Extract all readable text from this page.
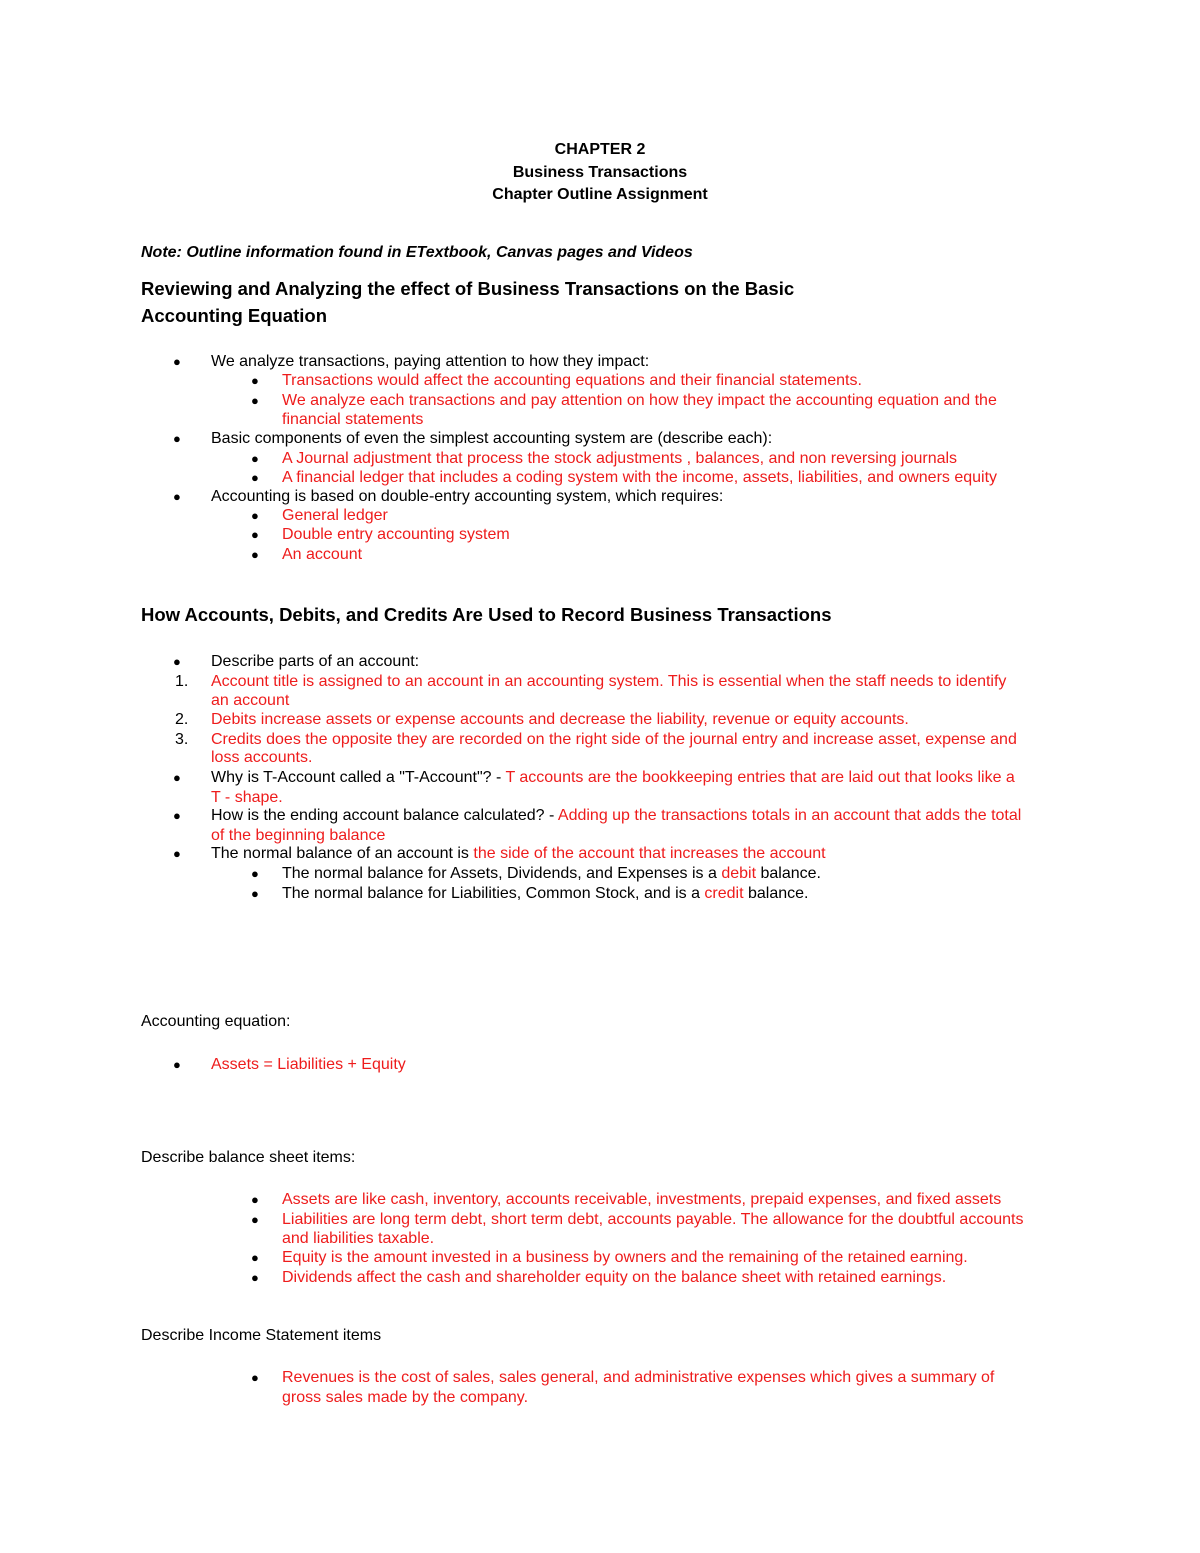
CHAPTER 2
Business Transactions
Chapter Outline Assignment
Note: Outline information found in ETextbook, Canvas pages and Videos
Reviewing and Analyzing the effect of Business Transactions on the Basic
Accounting Equation
● We analyze transactions, paying attention to how they impact:
● Transactions would affect the accounting equations and their financial statements.
● We analyze each transactions and pay attention on how they impact the accounting equation and the
financial statements
● Basic components of even the simplest accounting system are (describe each):
● A Journal adjustment that process the stock adjustments , balances, and non reversing journals
● A financial ledger that includes a coding system with the income, assets, liabilities, and owners equity
● Accounting is based on double-entry accounting system, which requires:
● General ledger
● Double entry accounting system
● An account
How Accounts, Debits, and Credits Are Used to Record Business Transactions
● Describe parts of an account:
1. Account title is assigned to an account in an accounting system. This is essential when the staff needs to identify
an account
2. Debits increase assets or expense accounts and decrease the liability, revenue or equity accounts.
3. Credits does the opposite they are recorded on the right side of the journal entry and increase asset, expense and
loss accounts.
● Why is T-Account called a "T-Account"? - T accounts are the bookkeeping entries that are laid out that looks like a
T - shape.
● How is the ending account balance calculated? - Adding up the transactions totals in an account that adds the total
of the beginning balance
● The normal balance of an account is the side of the account that increases the account
● The normal balance for Assets, Dividends, and Expenses is a debit balance.
● The normal balance for Liabilities, Common Stock, and is a credit balance.
Accounting equation:
● Assets = Liabilities + Equity
Describe balance sheet items:
● Assets are like cash, inventory, accounts receivable, investments, prepaid expenses, and fixed assets
● Liabilities are long term debt, short term debt, accounts payable. The allowance for the doubtful accounts
and liabilities taxable.
● Equity is the amount invested in a business by owners and the remaining of the retained earning.
● Dividends affect the cash and shareholder equity on the balance sheet with retained earnings.
Describe Income Statement items
● Revenues is the cost of sales, sales general, and administrative expenses which gives a summary of
gross sales made by the company.
